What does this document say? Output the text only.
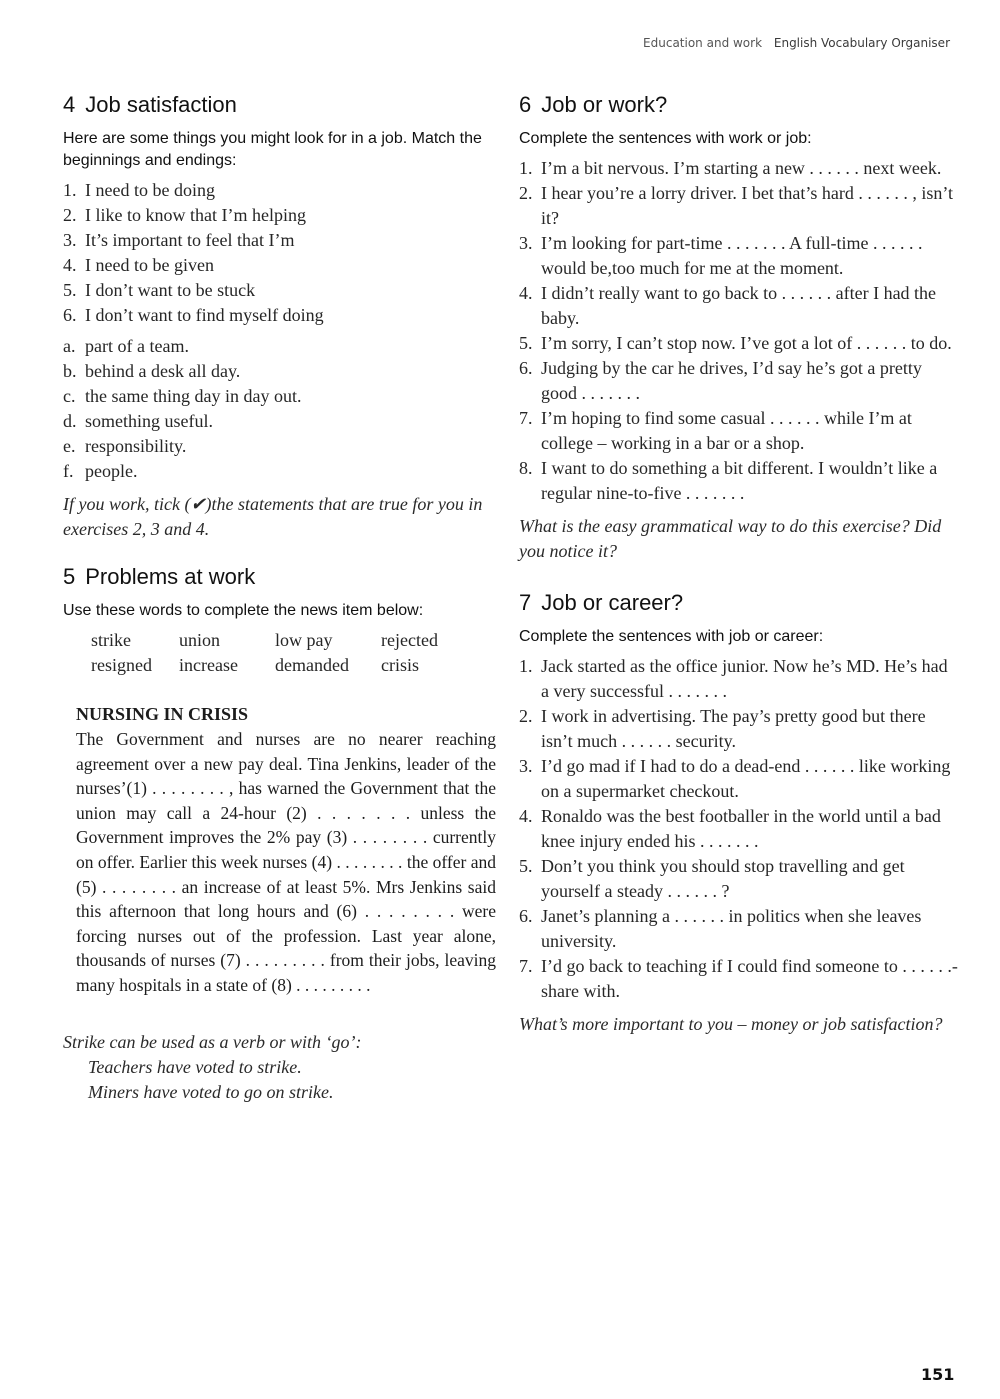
Education and work English Vocabulary Organiser
4 Job satisfaction

Here are some things you might look for in a job. Match the beginnings and endings:

1. I need to be doing
2. I like to know that I’m helping
3. It’s important to feel that I’m
4. I need to be given
5. I don’t want to be stuck
6. I don’t want to find myself doing
a. part of a team.
b. behind a desk all day.
c. the same thing day in day out.
d. something useful.
e. responsibility.
f. people.

If you work, tick (✔)the statements that are true for you in exercises 2, 3 and 4.

5 Problems at work

Use these words to complete the news item below:

strike	union	low pay	rejected
resigned	increase	demanded	crisis
NURSING IN CRISIS
The Government and nurses are no nearer reaching agreement over a new pay deal. Tina Jenkins, leader of the nurses’(1) . . . . . . . . , has warned the Government that the union may call a 24-hour (2) . . . . . . . unless the Government improves the 2% pay (3) . . . . . . . . currently on offer. Earlier this week nurses (4) . . . . . . . . the offer and (5) . . . . . . . . an increase of at least 5%. Mrs Jenkins said this afternoon that long hours and (6) . . . . . . . . were forcing nurses out of the profession. Last year alone, thousands of nurses (7) . . . . . . . . . from their jobs, leaving many hospitals in a state of (8) . . . . . . . . .
Strike can be used as a verb or with ‘go’:
Teachers have voted to strike.
Miners have voted to go on strike.
6 Job or work?

Complete the sentences with work or job:

1. I’m a bit nervous. I’m starting a new . . . . . . next week.
2. I hear you’re a lorry driver. I bet that’s hard . . . . . . , isn’t it?
3. I’m looking for part-time . . . . . . . A full-time . . . . . . would be,too much for me at the moment.
4. I didn’t really want to go back to . . . . . . after I had the baby.
5. I’m sorry, I can’t stop now. I’ve got a lot of . . . . . . to do.
6. Judging by the car he drives, I’d say he’s got a pretty good . . . . . . .
7. I’m hoping to find some casual . . . . . . while I’m at college – working in a bar or a shop.
8. I want to do something a bit different. I wouldn’t like a regular nine-to-five . . . . . . .

What is the easy grammatical way to do this exercise? Did you notice it?

7 Job or career?

Complete the sentences with job or career:

1. Jack started as the office junior. Now he’s MD. He’s had a very successful . . . . . . .
2. I work in advertising. The pay’s pretty good but there isn’t much . . . . . . security.
3. I’d go mad if I had to do a dead-end . . . . . . like working on a supermarket checkout.
4. Ronaldo was the best footballer in the world until a bad knee injury ended his . . . . . . .
5. Don’t you think you should stop travelling and get yourself a steady . . . . . . ?
6. Janet’s planning a . . . . . . in politics when she leaves university.
7. I’d go back to teaching if I could find someone to . . . . . .-share with.

What’s more important to you – money or job satisfaction?

151
